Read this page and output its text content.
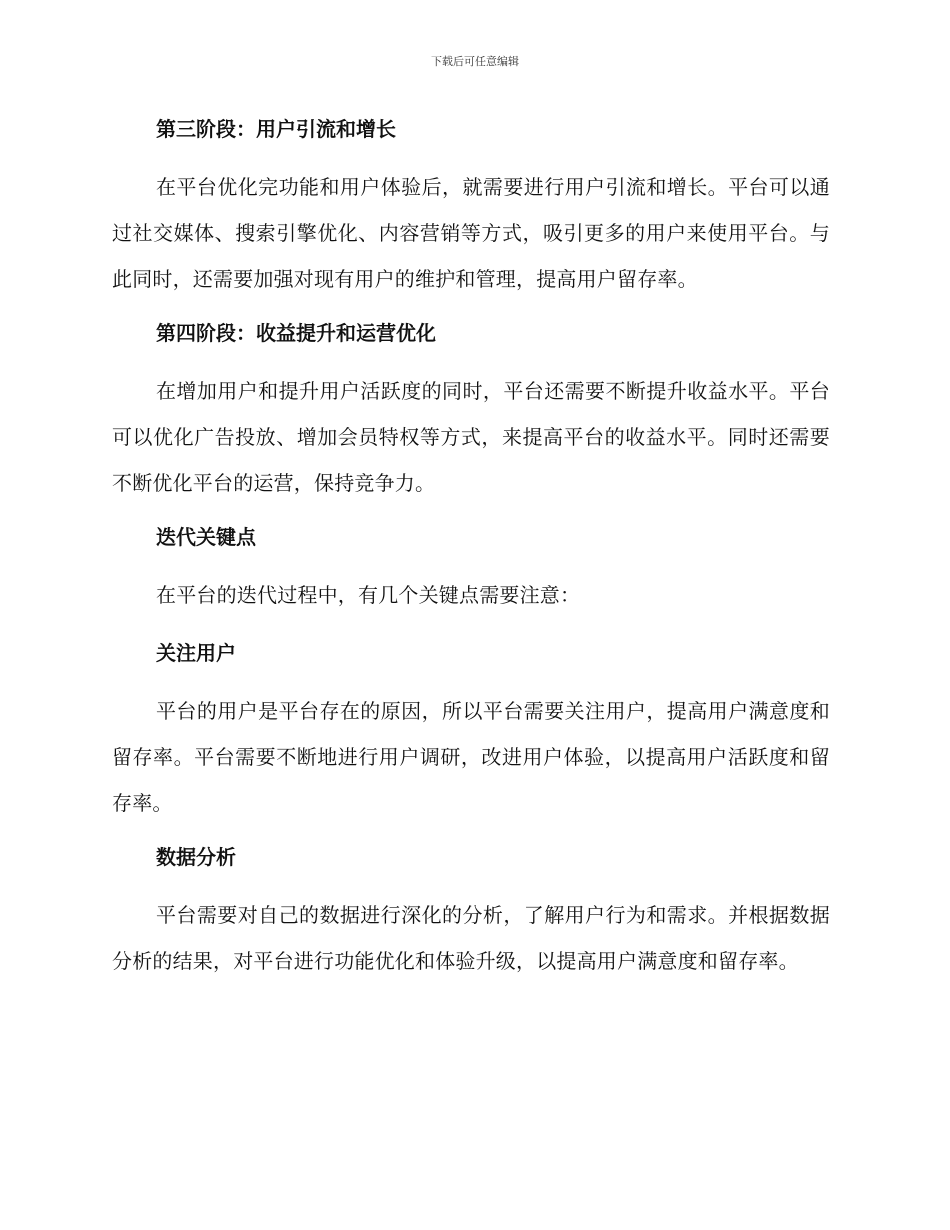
下载后可任意编辑
第三阶段：用户引流和增长
在平台优化完功能和用户体验后，就需要进行用户引流和增长。平台可以通过社交媒体、搜索引擎优化、内容营销等方式，吸引更多的用户来使用平台。与此同时，还需要加强对现有用户的维护和管理，提高用户留存率。
第四阶段：收益提升和运营优化
在增加用户和提升用户活跃度的同时，平台还需要不断提升收益水平。平台可以优化广告投放、增加会员特权等方式，来提高平台的收益水平。同时还需要不断优化平台的运营，保持竞争力。
迭代关键点
在平台的迭代过程中，有几个关键点需要注意：
关注用户
平台的用户是平台存在的原因，所以平台需要关注用户，提高用户满意度和留存率。平台需要不断地进行用户调研，改进用户体验，以提高用户活跃度和留存率。
数据分析
平台需要对自己的数据进行深化的分析，了解用户行为和需求。并根据数据分析的结果，对平台进行功能优化和体验升级，以提高用户满意度和留存率。
